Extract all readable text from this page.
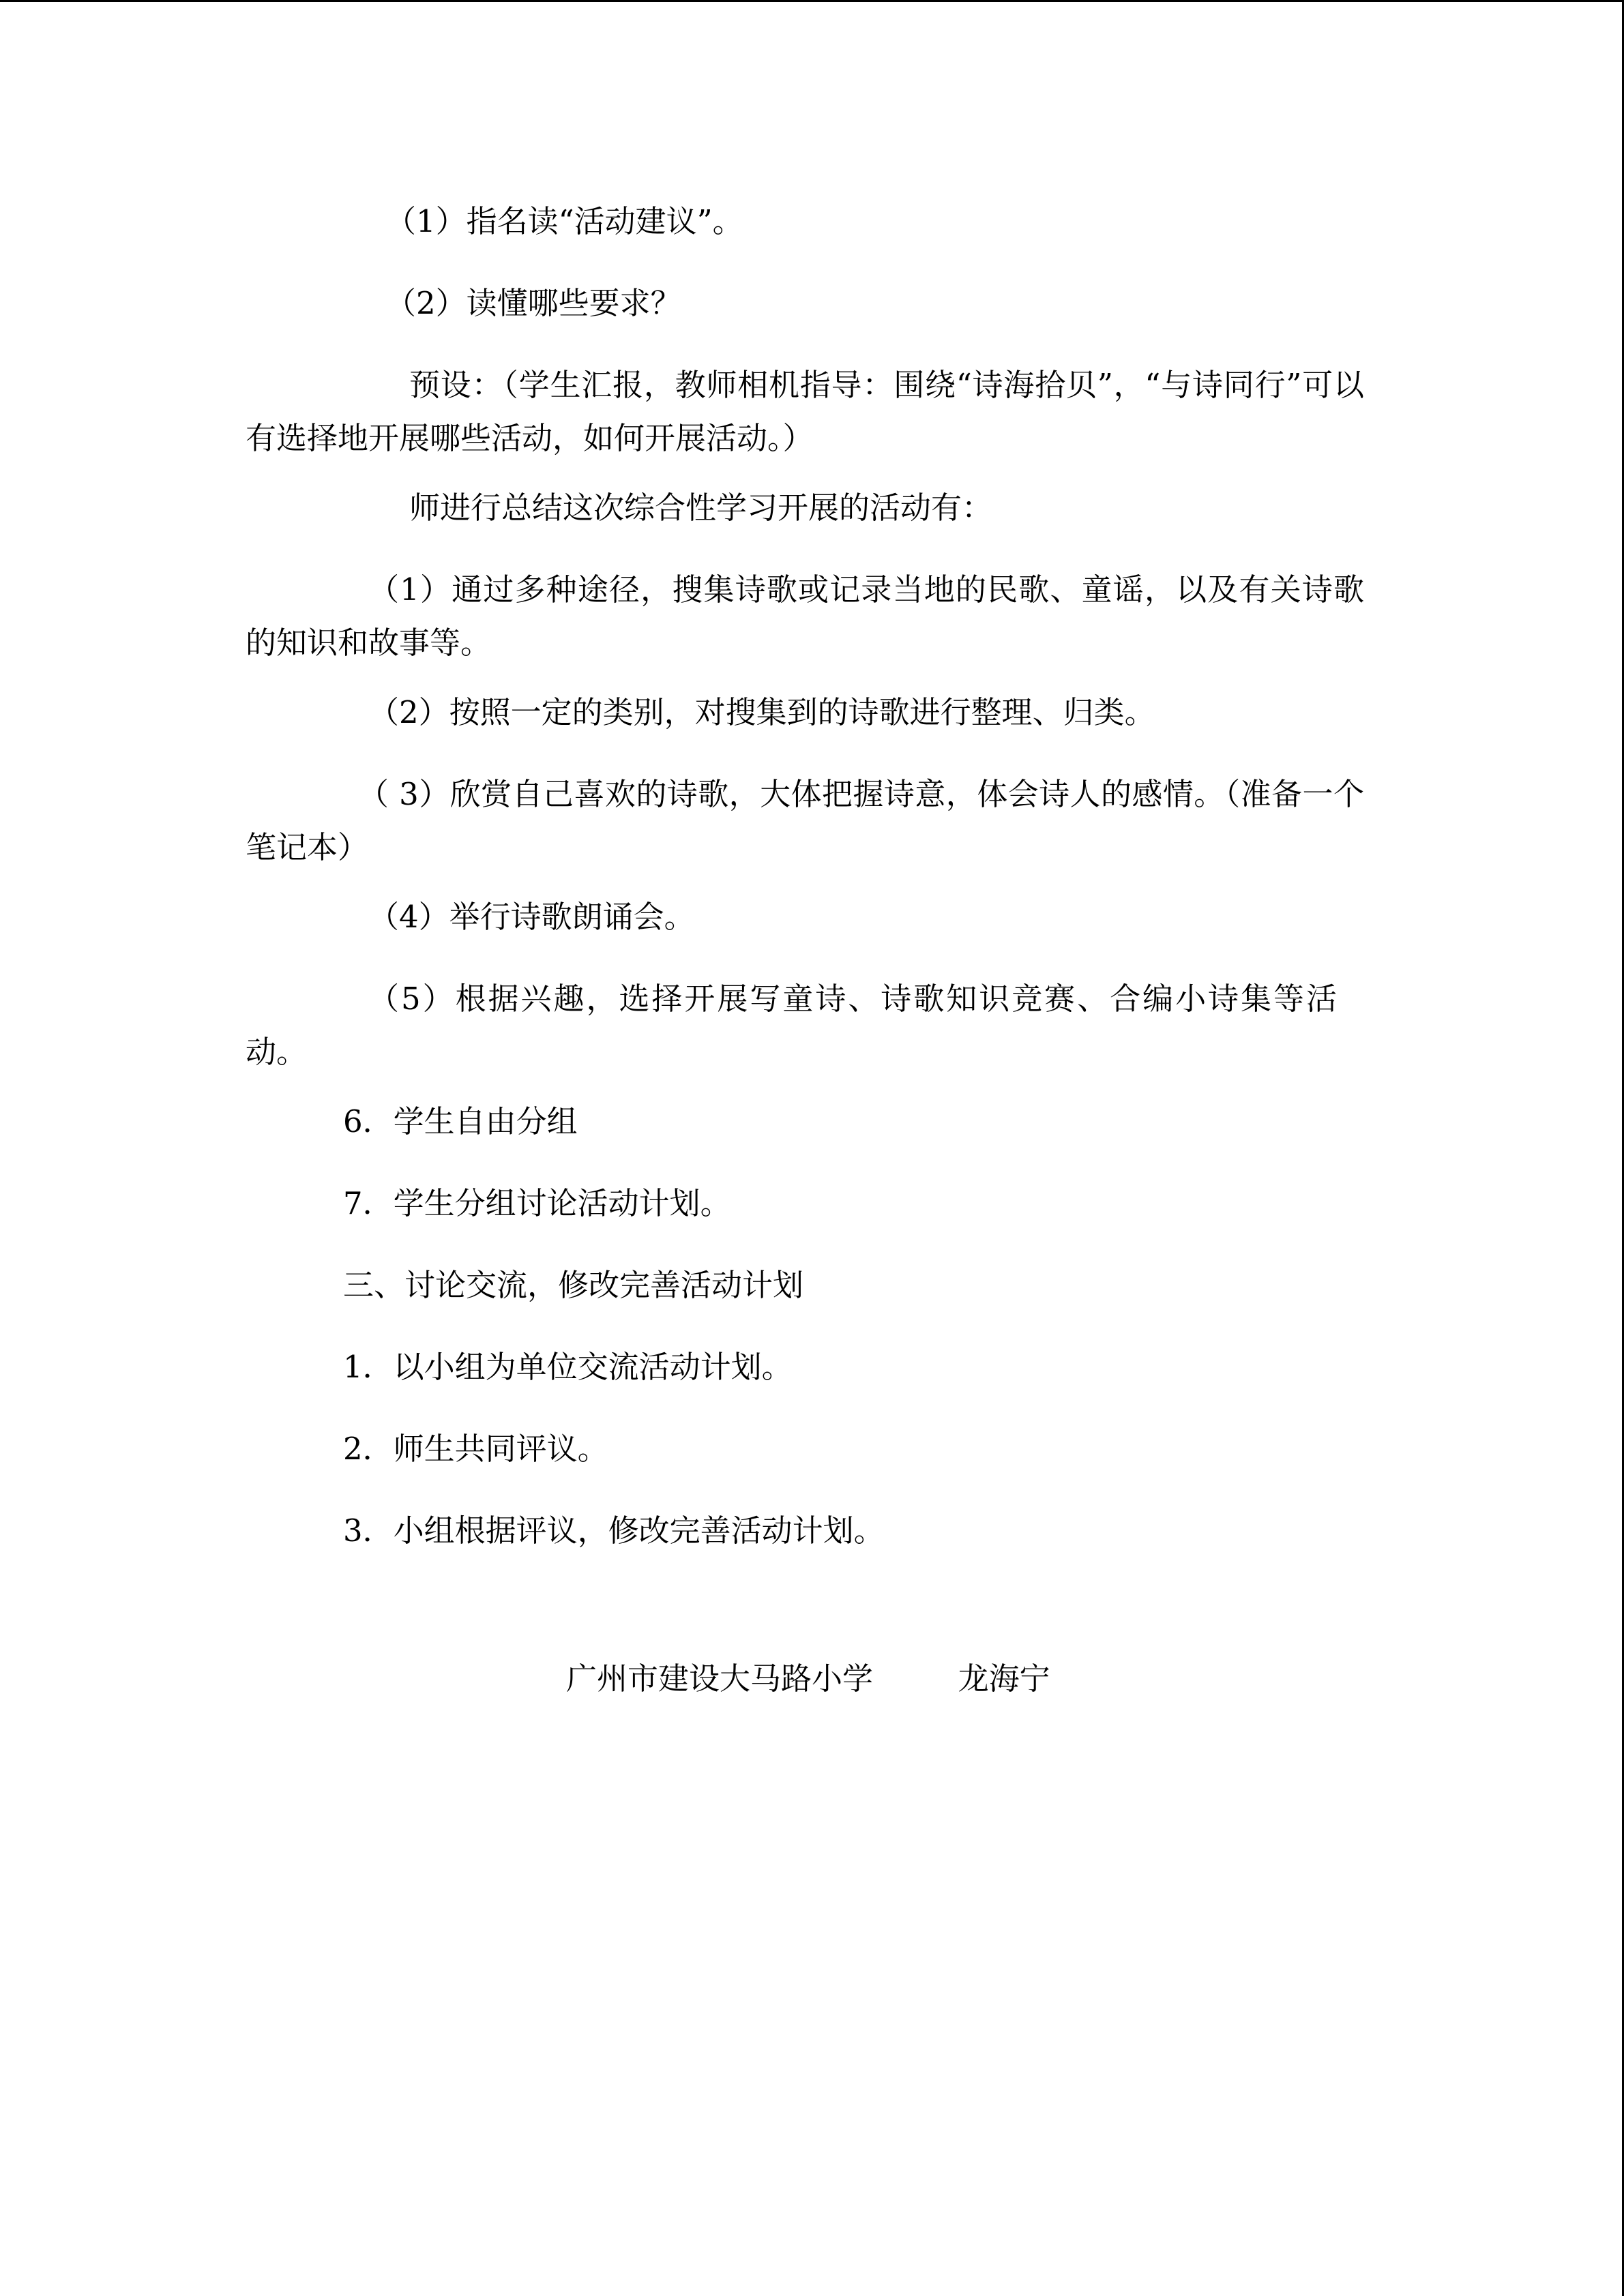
（1）指名读“活动建议”。
（2）读懂哪些要求？
预设：（学生汇报，教师相机指导：围绕“诗海拾贝”，“与诗同行”可以有选择地开展哪些活动，如何开展活动。）
师进行总结这次综合性学习开展的活动有：
（1）通过多种途径，搜集诗歌或记录当地的民歌、童谣，以及有关诗歌的知识和故事等。
（2）按照一定的类别，对搜集到的诗歌进行整理、归类。
（ 3）欣赏自己喜欢的诗歌，大体把握诗意，体会诗人的感情。（准备一个笔记本）
（4）举行诗歌朗诵会。
（5）根据兴趣，选择开展写童诗、诗歌知识竞赛、合编小诗集等活动。
6．学生自由分组
7．学生分组讨论活动计划。
三、讨论交流，修改完善活动计划
1．以小组为单位交流活动计划。
2．师生共同评议。
3．小组根据评议，修改完善活动计划。
广州市建设大马路小学	龙海宁
